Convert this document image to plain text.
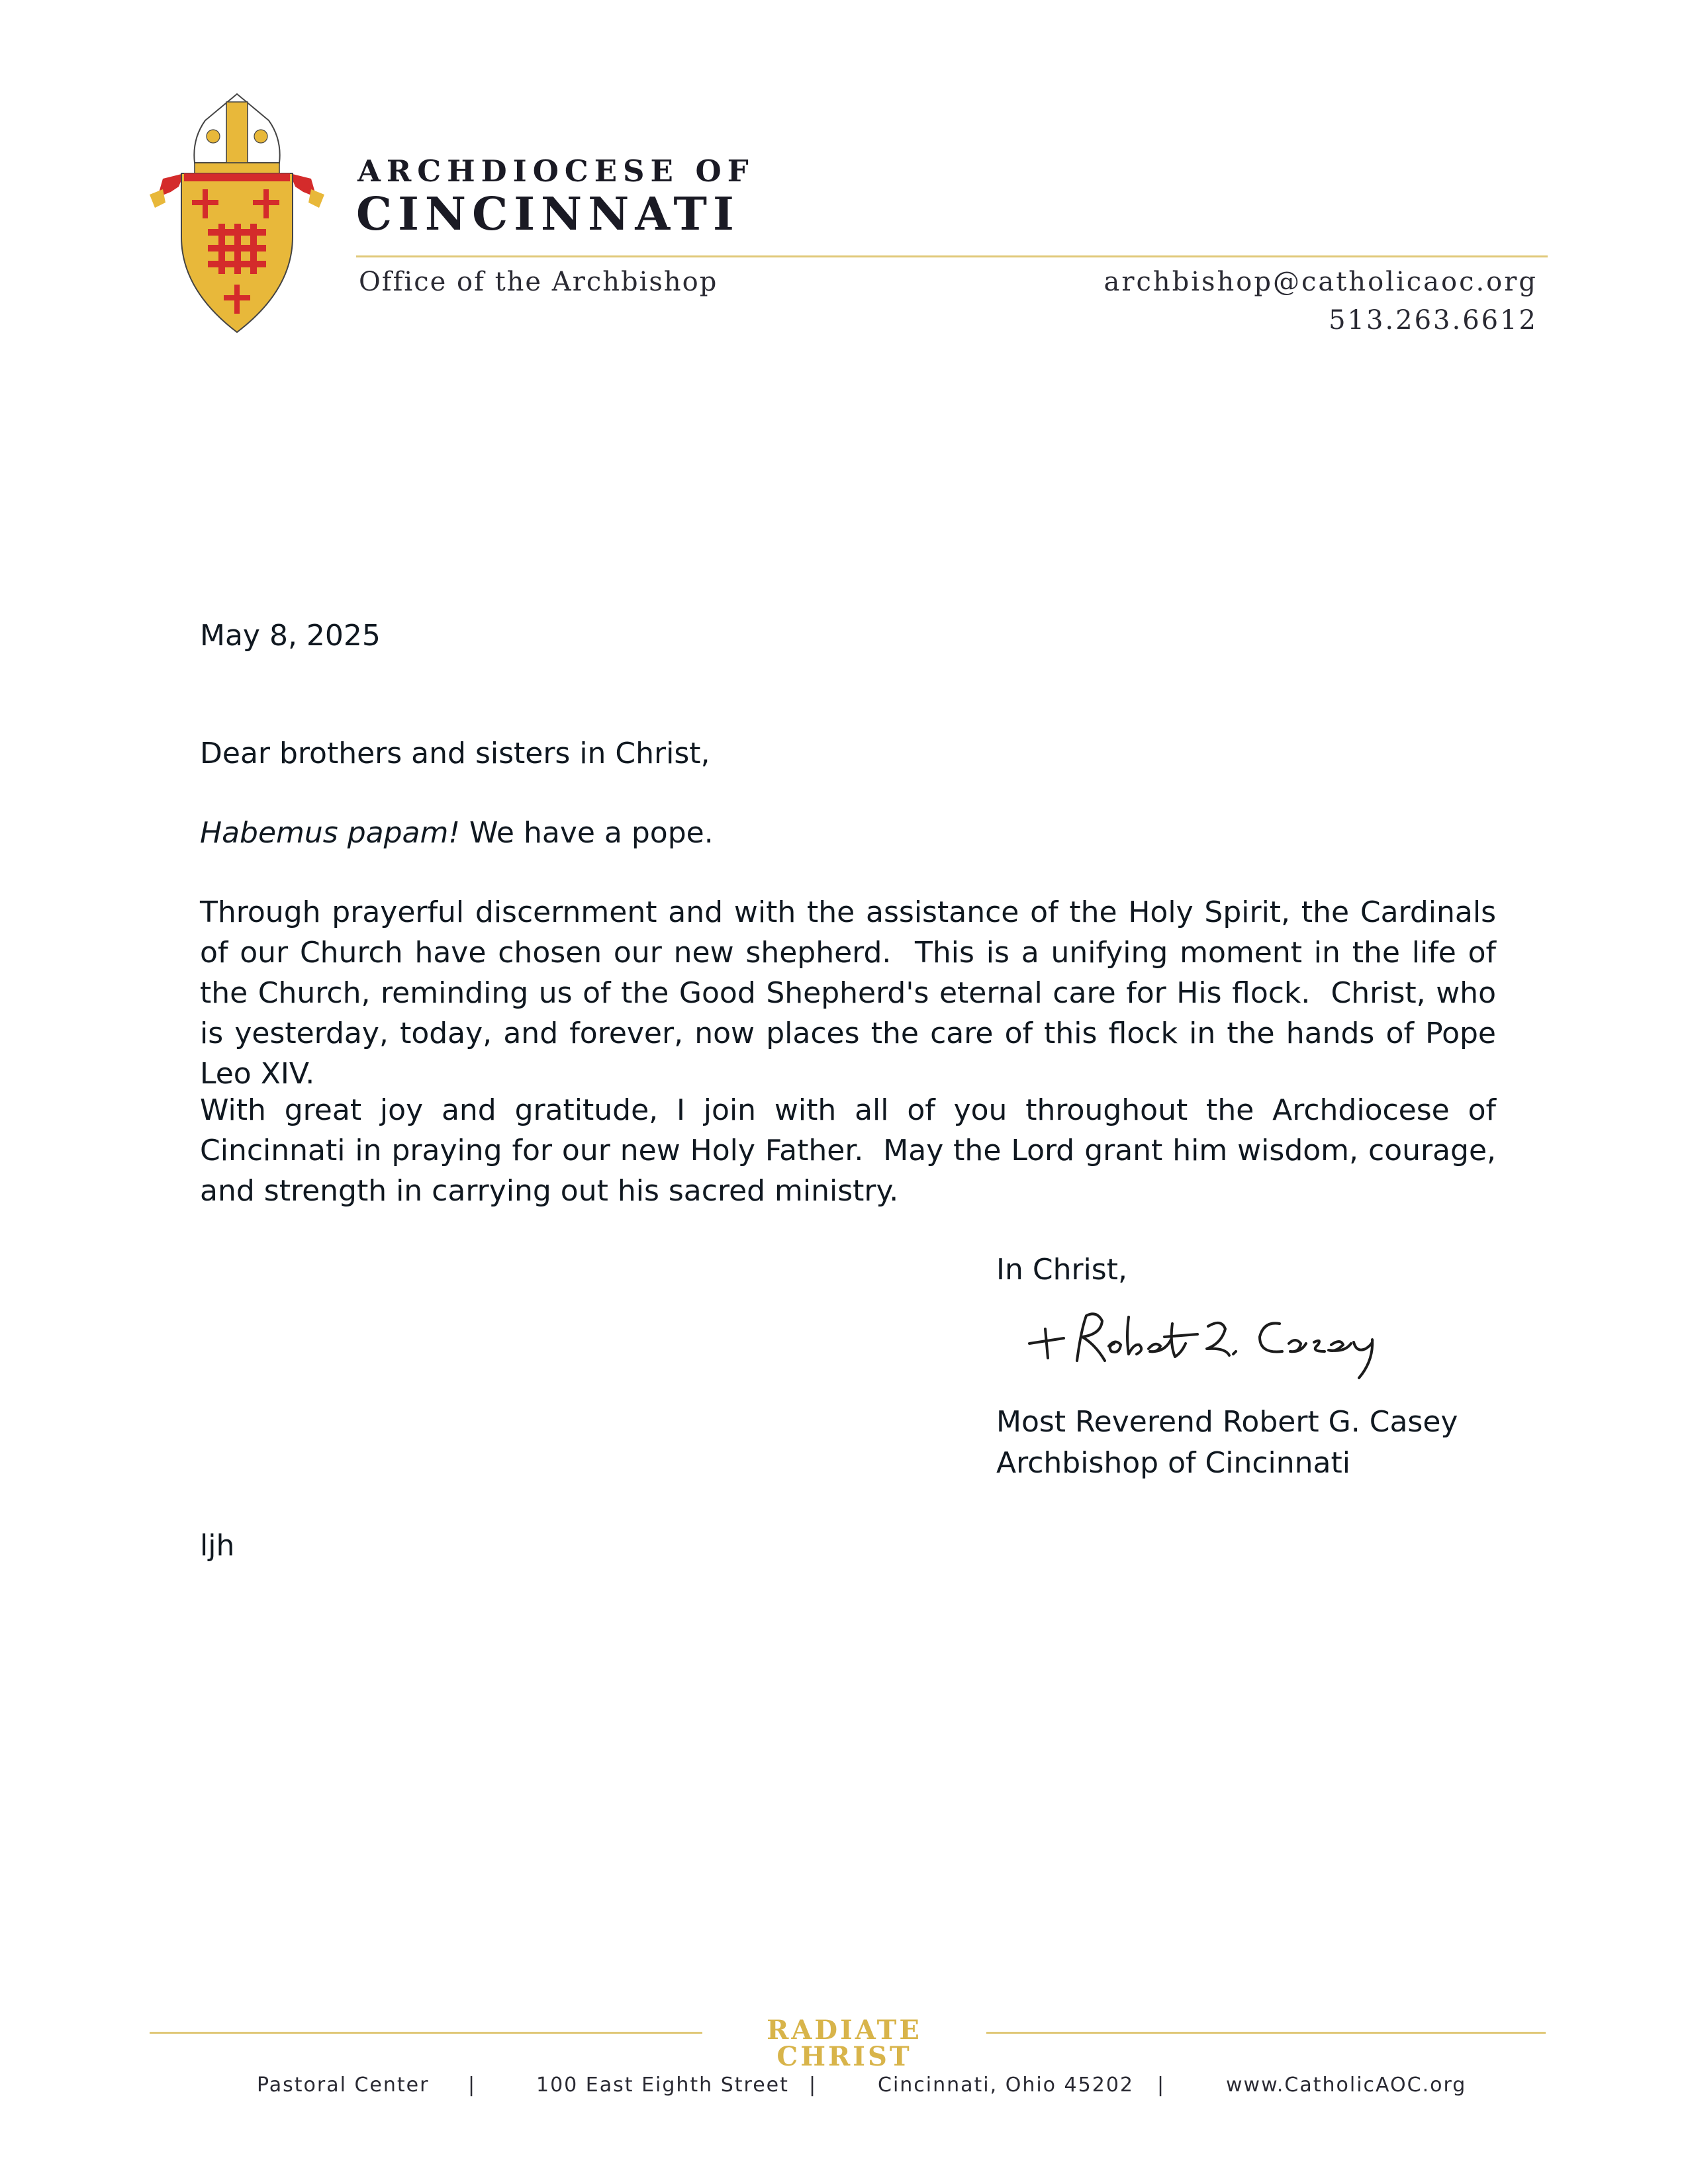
ARCHDIOCESE OF
CINCINNATI
Office of the Archbishop	archbishop@catholicaoc.org
513.263.6612
May 8, 2025
Dear brothers and sisters in Christ,
Habemus papam! We have a pope.
Through prayerful discernment and with the assistance of the Holy Spirit, the Cardinals of our Church have chosen our new shepherd.  This is a unifying moment in the life of the Church, reminding us of the Good Shepherd's eternal care for His flock.  Christ, who is yesterday, today, and forever, now places the care of this flock in the hands of Pope Leo XIV.
With great joy and gratitude, I join with all of you throughout the Archdiocese of Cincinnati in praying for our new Holy Father.  May the Lord grant him wisdom, courage, and strength in carrying out his sacred ministry.
In Christ,
Most Reverend Robert G. Casey
Archbishop of Cincinnati
ljh
RADIATE CHRIST
Pastoral Center |	100 East Eighth Street |	Cincinnati, Ohio 45202 |	www.CatholicAOC.org
